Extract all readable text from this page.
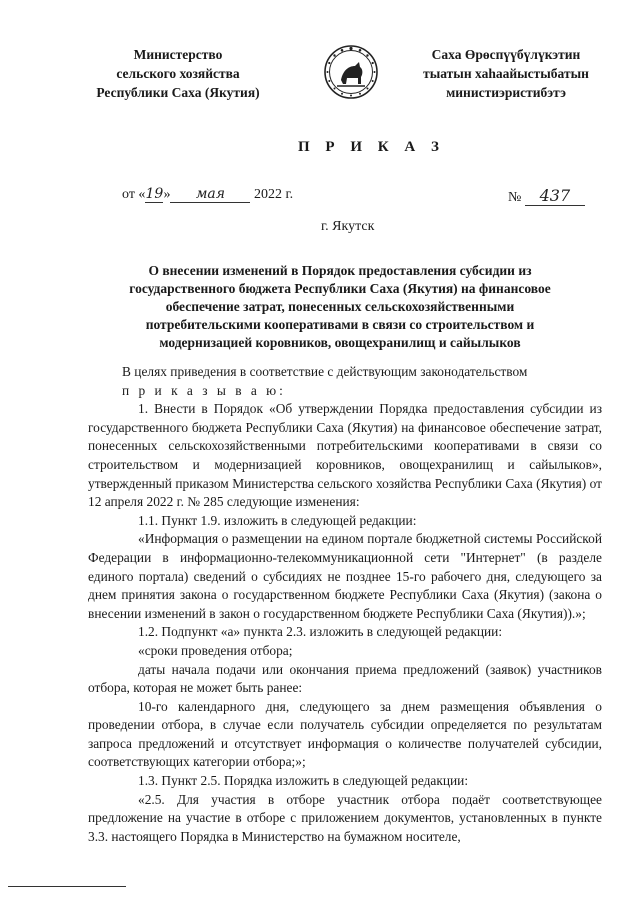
Министерство
сельского хозяйства
Республики Саха (Якутия)
Саха Өрөспүүбүлүкэтин
тыатын хаһаайыстыбатын
министиэристибэтэ
П Р И К А З
от «19» мая 2022 г.	№ 437
г. Якутск
О внесении изменений в Порядок предоставления субсидии из
государственного бюджета Республики Саха (Якутия) на финансовое
обеспечение затрат, понесенных сельскохозяйственными
потребительскими кооперативами в связи со строительством и
модернизацией коровников, овощехранилищ и сайылыков

В целях приведения в соответствие с действующим законодательством

п р и к а з ы в а ю:

1. Внести в Порядок «Об утверждении Порядка предоставления субсидии из государственного бюджета Республики Саха (Якутия) на финансовое обеспечение затрат, понесенных сельскохозяйственными потребительскими кооперативами в связи со строительством и модернизацией коровников, овощехранилищ и сайылыков», утвержденный приказом Министерства сельского хозяйства Республики Саха (Якутия) от 12 апреля 2022 г. № 285 следующие изменения:

1.1. Пункт 1.9. изложить в следующей редакции:

«Информация о размещении на едином портале бюджетной системы Российской Федерации в информационно-телекоммуникационной сети "Интернет" (в разделе единого портала) сведений о субсидиях не позднее 15-го рабочего дня, следующего за днем принятия закона о государственном бюджете Республики Саха (Якутия) (закона о внесении изменений в закон о государственном бюджете Республики Саха (Якутия)).»;

1.2. Подпункт «а» пункта 2.3. изложить в следующей редакции:

«сроки проведения отбора;

даты начала подачи или окончания приема предложений (заявок) участников отбора, которая не может быть ранее:

10-го календарного дня, следующего за днем размещения объявления о проведении отбора, в случае если получатель субсидии определяется по результатам запроса предложений и отсутствует информация о количестве получателей субсидии, соответствующих категории отбора;»;

1.3. Пункт 2.5. Порядка изложить в следующей редакции:

«2.5. Для участия в отборе участник отбора подаёт соответствующее предложение на участие в отборе с приложением документов, установленных в пункте 3.3. настоящего Порядка в Министерство на бумажном носителе,
